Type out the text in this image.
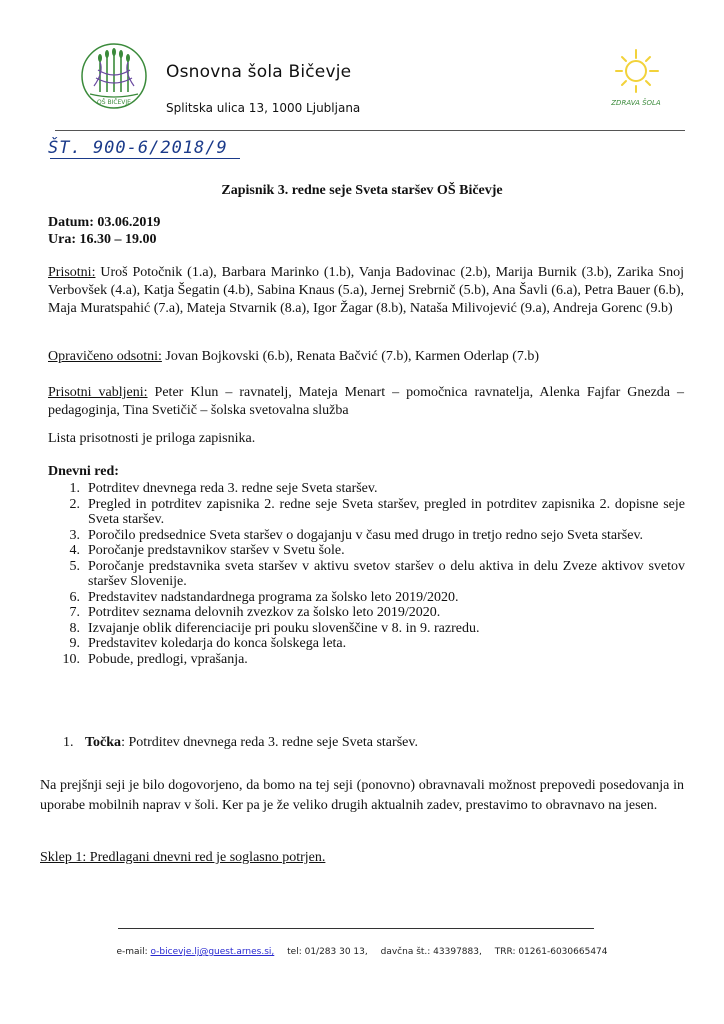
OŠ BIČEVJE
Osnovna šola Bičevje
Splitska ulica 13, 1000 Ljubljana	ZDRAVA ŠOLA
ŠT. 900-6/2018/9
Zapisnik 3. redne seje Sveta staršev OŠ Bičevje
Datum: 03.06.2019
Ura: 16.30 – 19.00
Prisotni: Uroš Potočnik (1.a), Barbara Marinko (1.b), Vanja Badovinac (2.b), Marija Burnik (3.b), Zarika Snoj Verbovšek (4.a), Katja Šegatin (4.b), Sabina Knaus (5.a), Jernej Srebrnič (5.b), Ana Šavli (6.a), Petra Bauer (6.b), Maja Muratspahić (7.a), Mateja Stvarnik (8.a), Igor Žagar (8.b), Nataša Milivojević (9.a), Andreja Gorenc (9.b)
Opravičeno odsotni: Jovan Bojkovski (6.b), Renata Bačvić (7.b), Karmen Oderlap (7.b)
Prisotni vabljeni: Peter Klun – ravnatelj, Mateja Menart – pomočnica ravnatelja, Alenka Fajfar Gnezda – pedagoginja, Tina Svetičič – šolska svetovalna služba
Lista prisotnosti je priloga zapisnika.
Dnevni red:
1. Potrditev dnevnega reda 3. redne seje Sveta staršev.
2. Pregled in potrditev zapisnika 2. redne seje Sveta staršev, pregled in potrditev zapisnika 2. dopisne seje Sveta staršev.
3. Poročilo predsednice Sveta staršev o dogajanju v času med drugo in tretjo redno sejo Sveta staršev.
4. Poročanje predstavnikov staršev v Svetu šole.
5. Poročanje predstavnika sveta staršev v aktivu svetov staršev o delu aktiva in delu Zveze aktivov svetov staršev Slovenije.
6. Predstavitev nadstandardnega programa za šolsko leto 2019/2020.
7. Potrditev seznama delovnih zvezkov za šolsko leto 2019/2020.
8. Izvajanje oblik diferenciacije pri pouku slovenščine v 8. in 9. razredu.
9. Predstavitev koledarja do konca šolskega leta.
10. Pobude, predlogi, vprašanja.
1. Točka: Potrditev dnevnega reda 3. redne seje Sveta staršev.
Na prejšnji seji je bilo dogovorjeno, da bomo na tej seji (ponovno) obravnavali možnost prepovedi posedovanja in uporabe mobilnih naprav v šoli. Ker pa je že veliko drugih aktualnih zadev, prestavimo to obravnavo na jesen.
Sklep 1: Predlagani dnevni red je soglasno potrjen.
e-mail: o-bicevje.lj@guest.arnes.si, tel: 01/283 30 13, davčna št.: 43397883, TRR: 01261-6030665474
